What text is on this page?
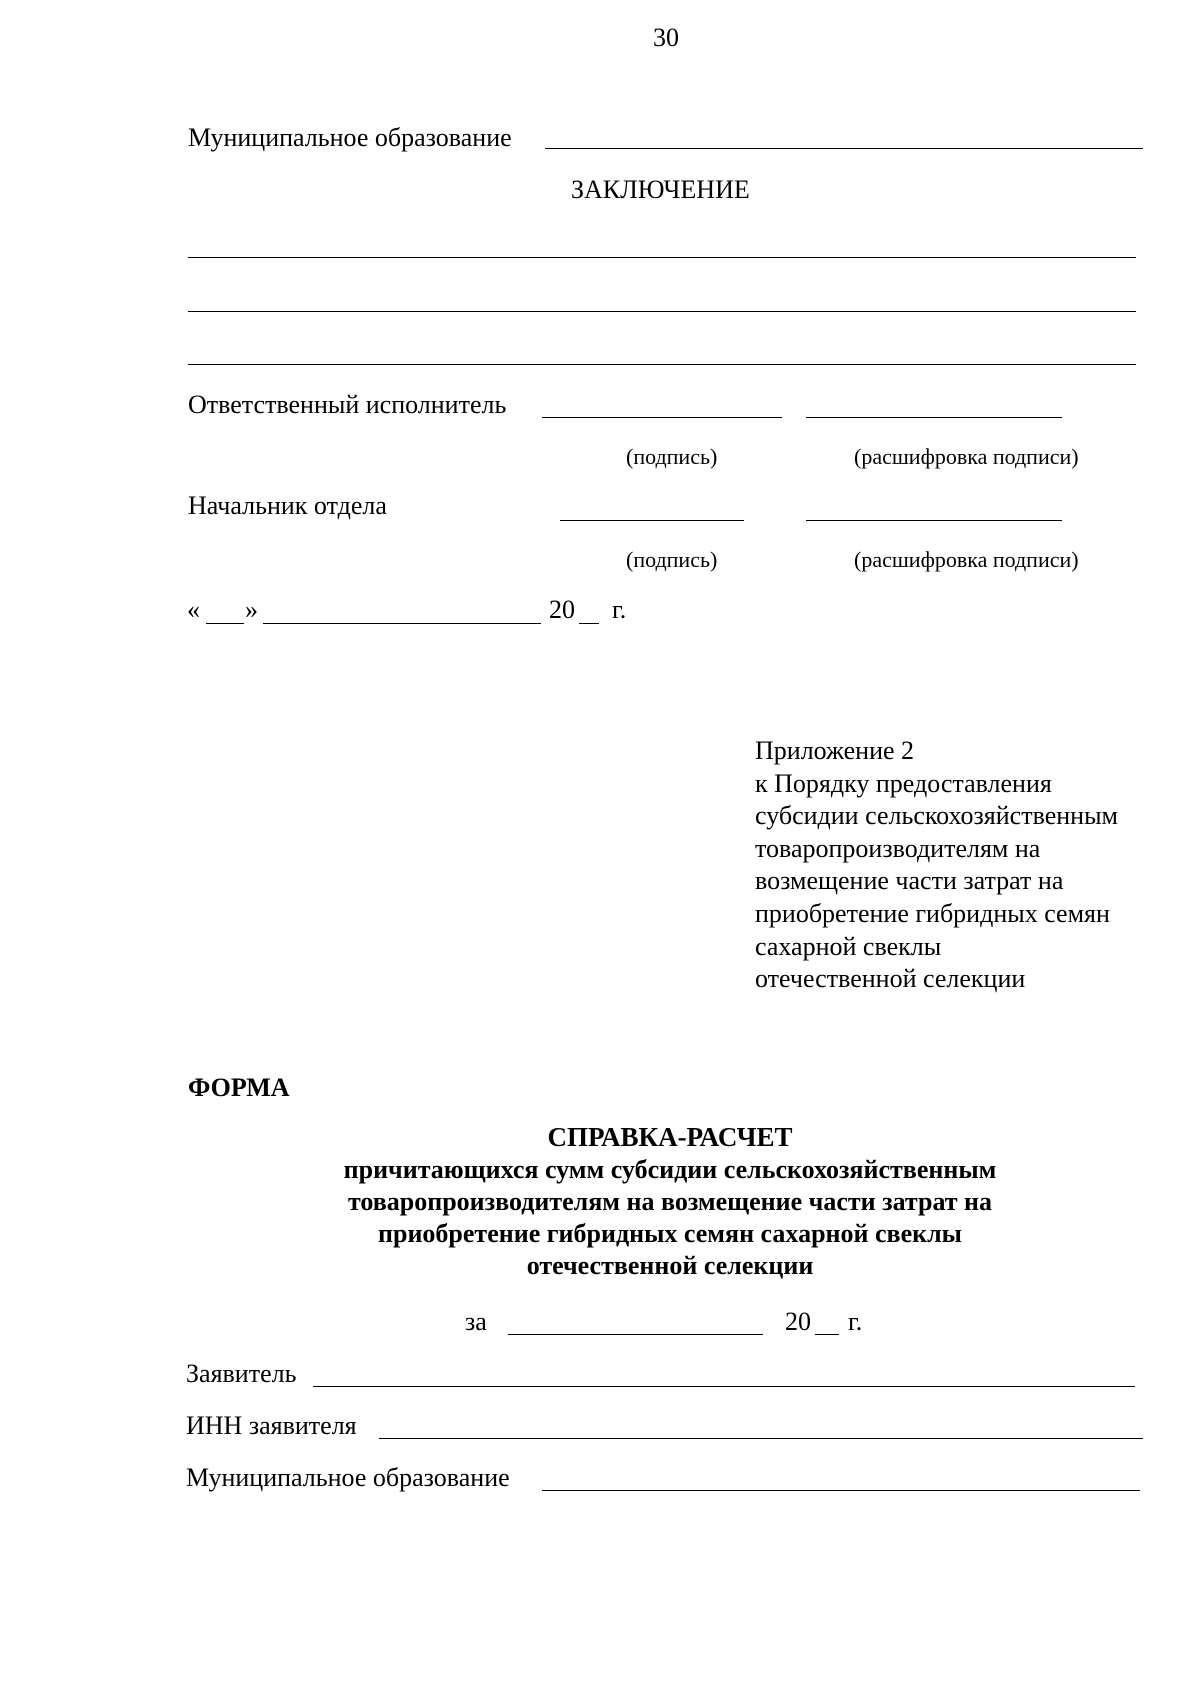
30
Муниципальное образование
ЗАКЛЮЧЕНИЕ
Ответственный исполнитель
(подпись)	(расшифровка подписи)
Начальник отдела
(подпись)	(расшифровка подписи)
« »	20 г.
Приложение 2
к Порядку предоставления
субсидии сельскохозяйственным
товаропроизводителям на
возмещение части затрат на
приобретение гибридных семян
сахарной свеклы
отечественной селекции
ФОРМА
СПРАВКА-РАСЧЕТ
причитающихся сумм субсидии сельскохозяйственным
товаропроизводителям на возмещение части затрат на
приобретение гибридных семян сахарной свеклы
отечественной селекции
за	20 г.
Заявитель
ИНН заявителя
Муниципальное образование
